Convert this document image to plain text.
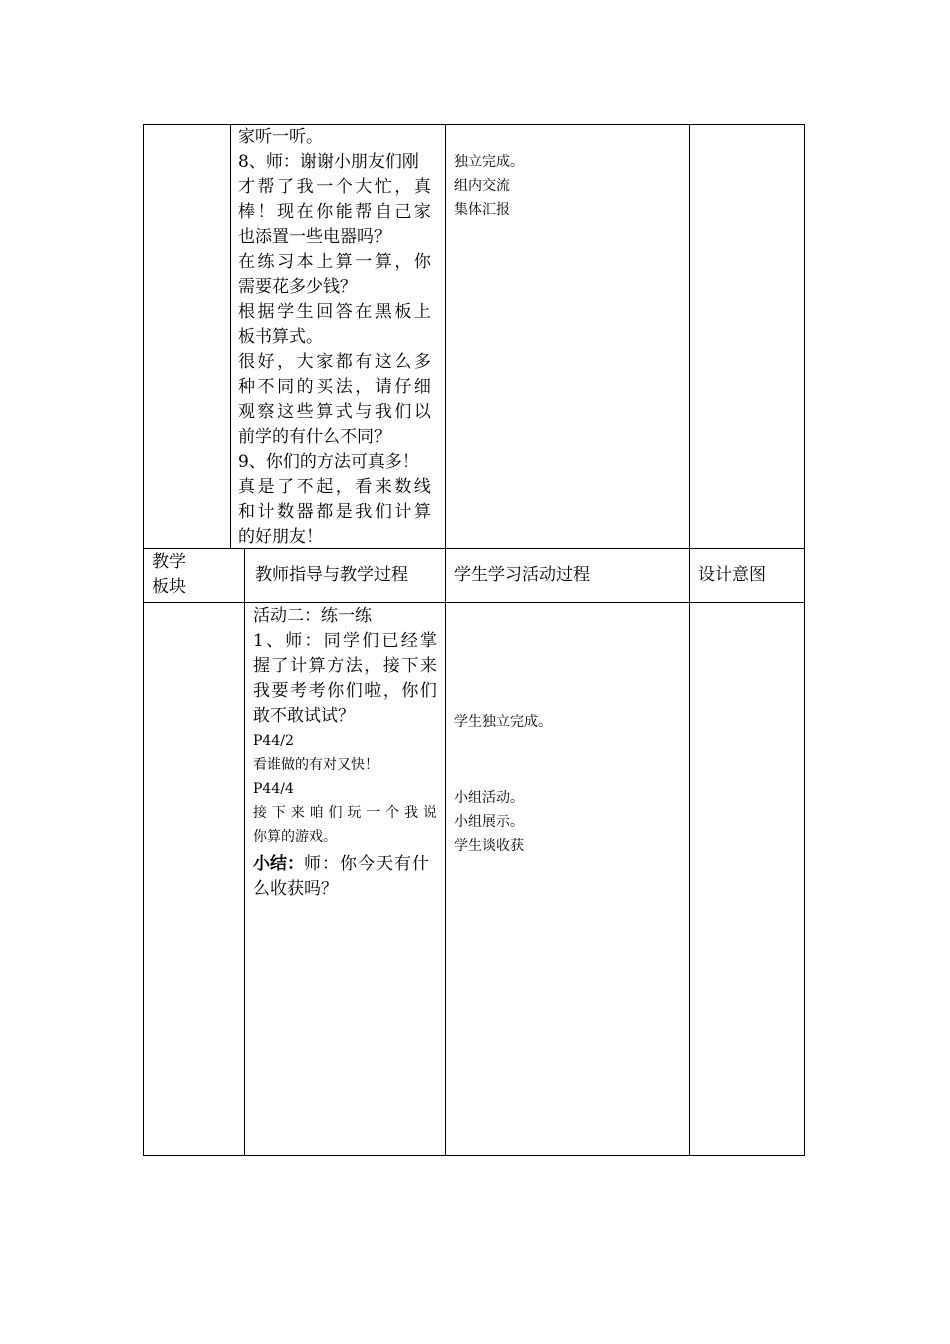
家听一听。
8、师：谢谢小朋友们刚
才 帮 了 我 一 个 大 忙 ， 真
棒 ！ 现 在 你 能 帮 自 己 家
也添置一些电器吗？
在 练 习 本 上 算 一 算 ， 你
需要花多少钱？
根 据 学 生 回 答 在 黑 板 上
板书算式。
很 好 ， 大 家 都 有 这 么 多
种 不 同 的 买 法 ， 请 仔 细
观 察 这 些 算 式 与 我 们 以
前学的有什么不同？
9、你们的方法可真多！
真 是 了 不 起 ， 看 来 数 线
和 计 数 器 都 是 我 们 计 算
的好朋友！
独立完成。
组内交流
集体汇报
教学
板块
教师指导与教学过程	学生学习活动过程	设计意图
活动二：练一练
1 、 师 ： 同 学 们 已 经 掌
握 了 计 算 方 法 ， 接 下 来
我 要 考 考 你 们 啦 ， 你 们
敢不敢试试？
P44/2
看谁做的有对又快！
P44/4
接 下 来 咱 们 玩 一 个 我 说
你算的游戏。
小结：师：你今天有什
么收获吗？
学生独立完成。
小组活动。
小组展示。
学生谈收获
